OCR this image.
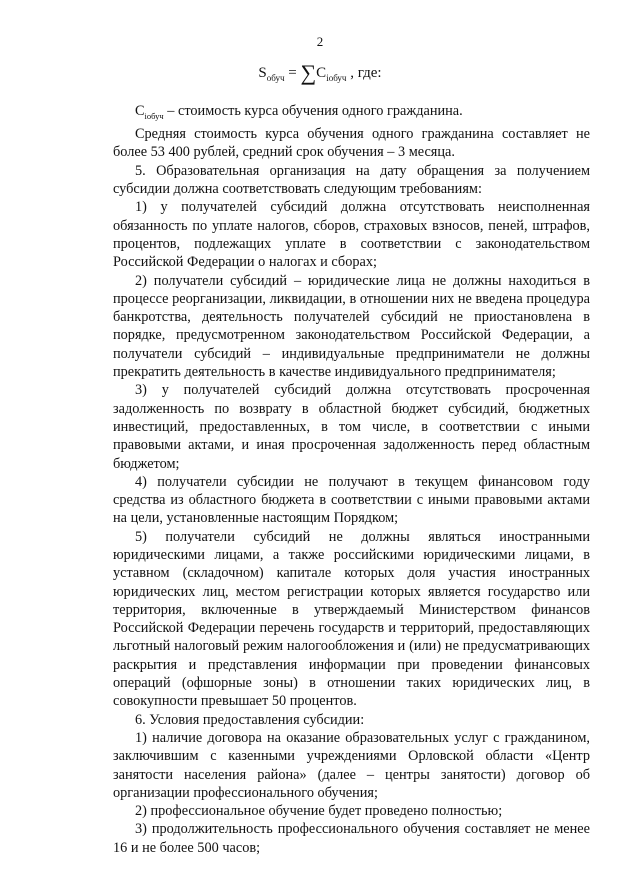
2
$S_{обуч} = \sum C_{iобуч}$ , где:

$C_{iобуч}$ – стоимость курса обучения одного гражданина.

Средняя стоимость курса обучения одного гражданина составляет не более 53 400 рублей, средний срок обучения – 3 месяца.

5. Образовательная организация на дату обращения за получением субсидии должна соответствовать следующим требованиям:

1) у получателей субсидий должна отсутствовать неисполненная обязанность по уплате налогов, сборов, страховых взносов, пеней, штрафов, процентов, подлежащих уплате в соответствии с законодательством Российской Федерации о налогах и сборах;

2) получатели субсидий – юридические лица не должны находиться в процессе реорганизации, ликвидации, в отношении них не введена процедура банкротства, деятельность получателей субсидий не приостановлена в порядке, предусмотренном законодательством Российской Федерации, а получатели субсидий – индивидуальные предприниматели не должны прекратить деятельность в качестве индивидуального предпринимателя;

3) у получателей субсидий должна отсутствовать просроченная задолженность по возврату в областной бюджет субсидий, бюджетных инвестиций, предоставленных, в том числе, в соответствии с иными правовыми актами, и иная просроченная задолженность перед областным бюджетом;

4) получатели субсидии не получают в текущем финансовом году средства из областного бюджета в соответствии с иными правовыми актами на цели, установленные настоящим Порядком;

5) получатели субсидий не должны являться иностранными юридическими лицами, а также российскими юридическими лицами, в уставном (складочном) капитале которых доля участия иностранных юридических лиц, местом регистрации которых является государство или территория, включенные в утверждаемый Министерством финансов Российской Федерации перечень государств и территорий, предоставляющих льготный налоговый режим налогообложения и (или) не предусматривающих раскрытия и представления информации при проведении финансовых операций (офшорные зоны) в отношении таких юридических лиц, в совокупности превышает 50 процентов.

6. Условия предоставления субсидии:

1) наличие договора на оказание образовательных услуг с гражданином, заключившим с казенными учреждениями Орловской области «Центр занятости населения района» (далее – центры занятости) договор об организации профессионального обучения;

2) профессиональное обучение будет проведено полностью;

3) продолжительность профессионального обучения составляет не менее 16 и не более 500 часов;
